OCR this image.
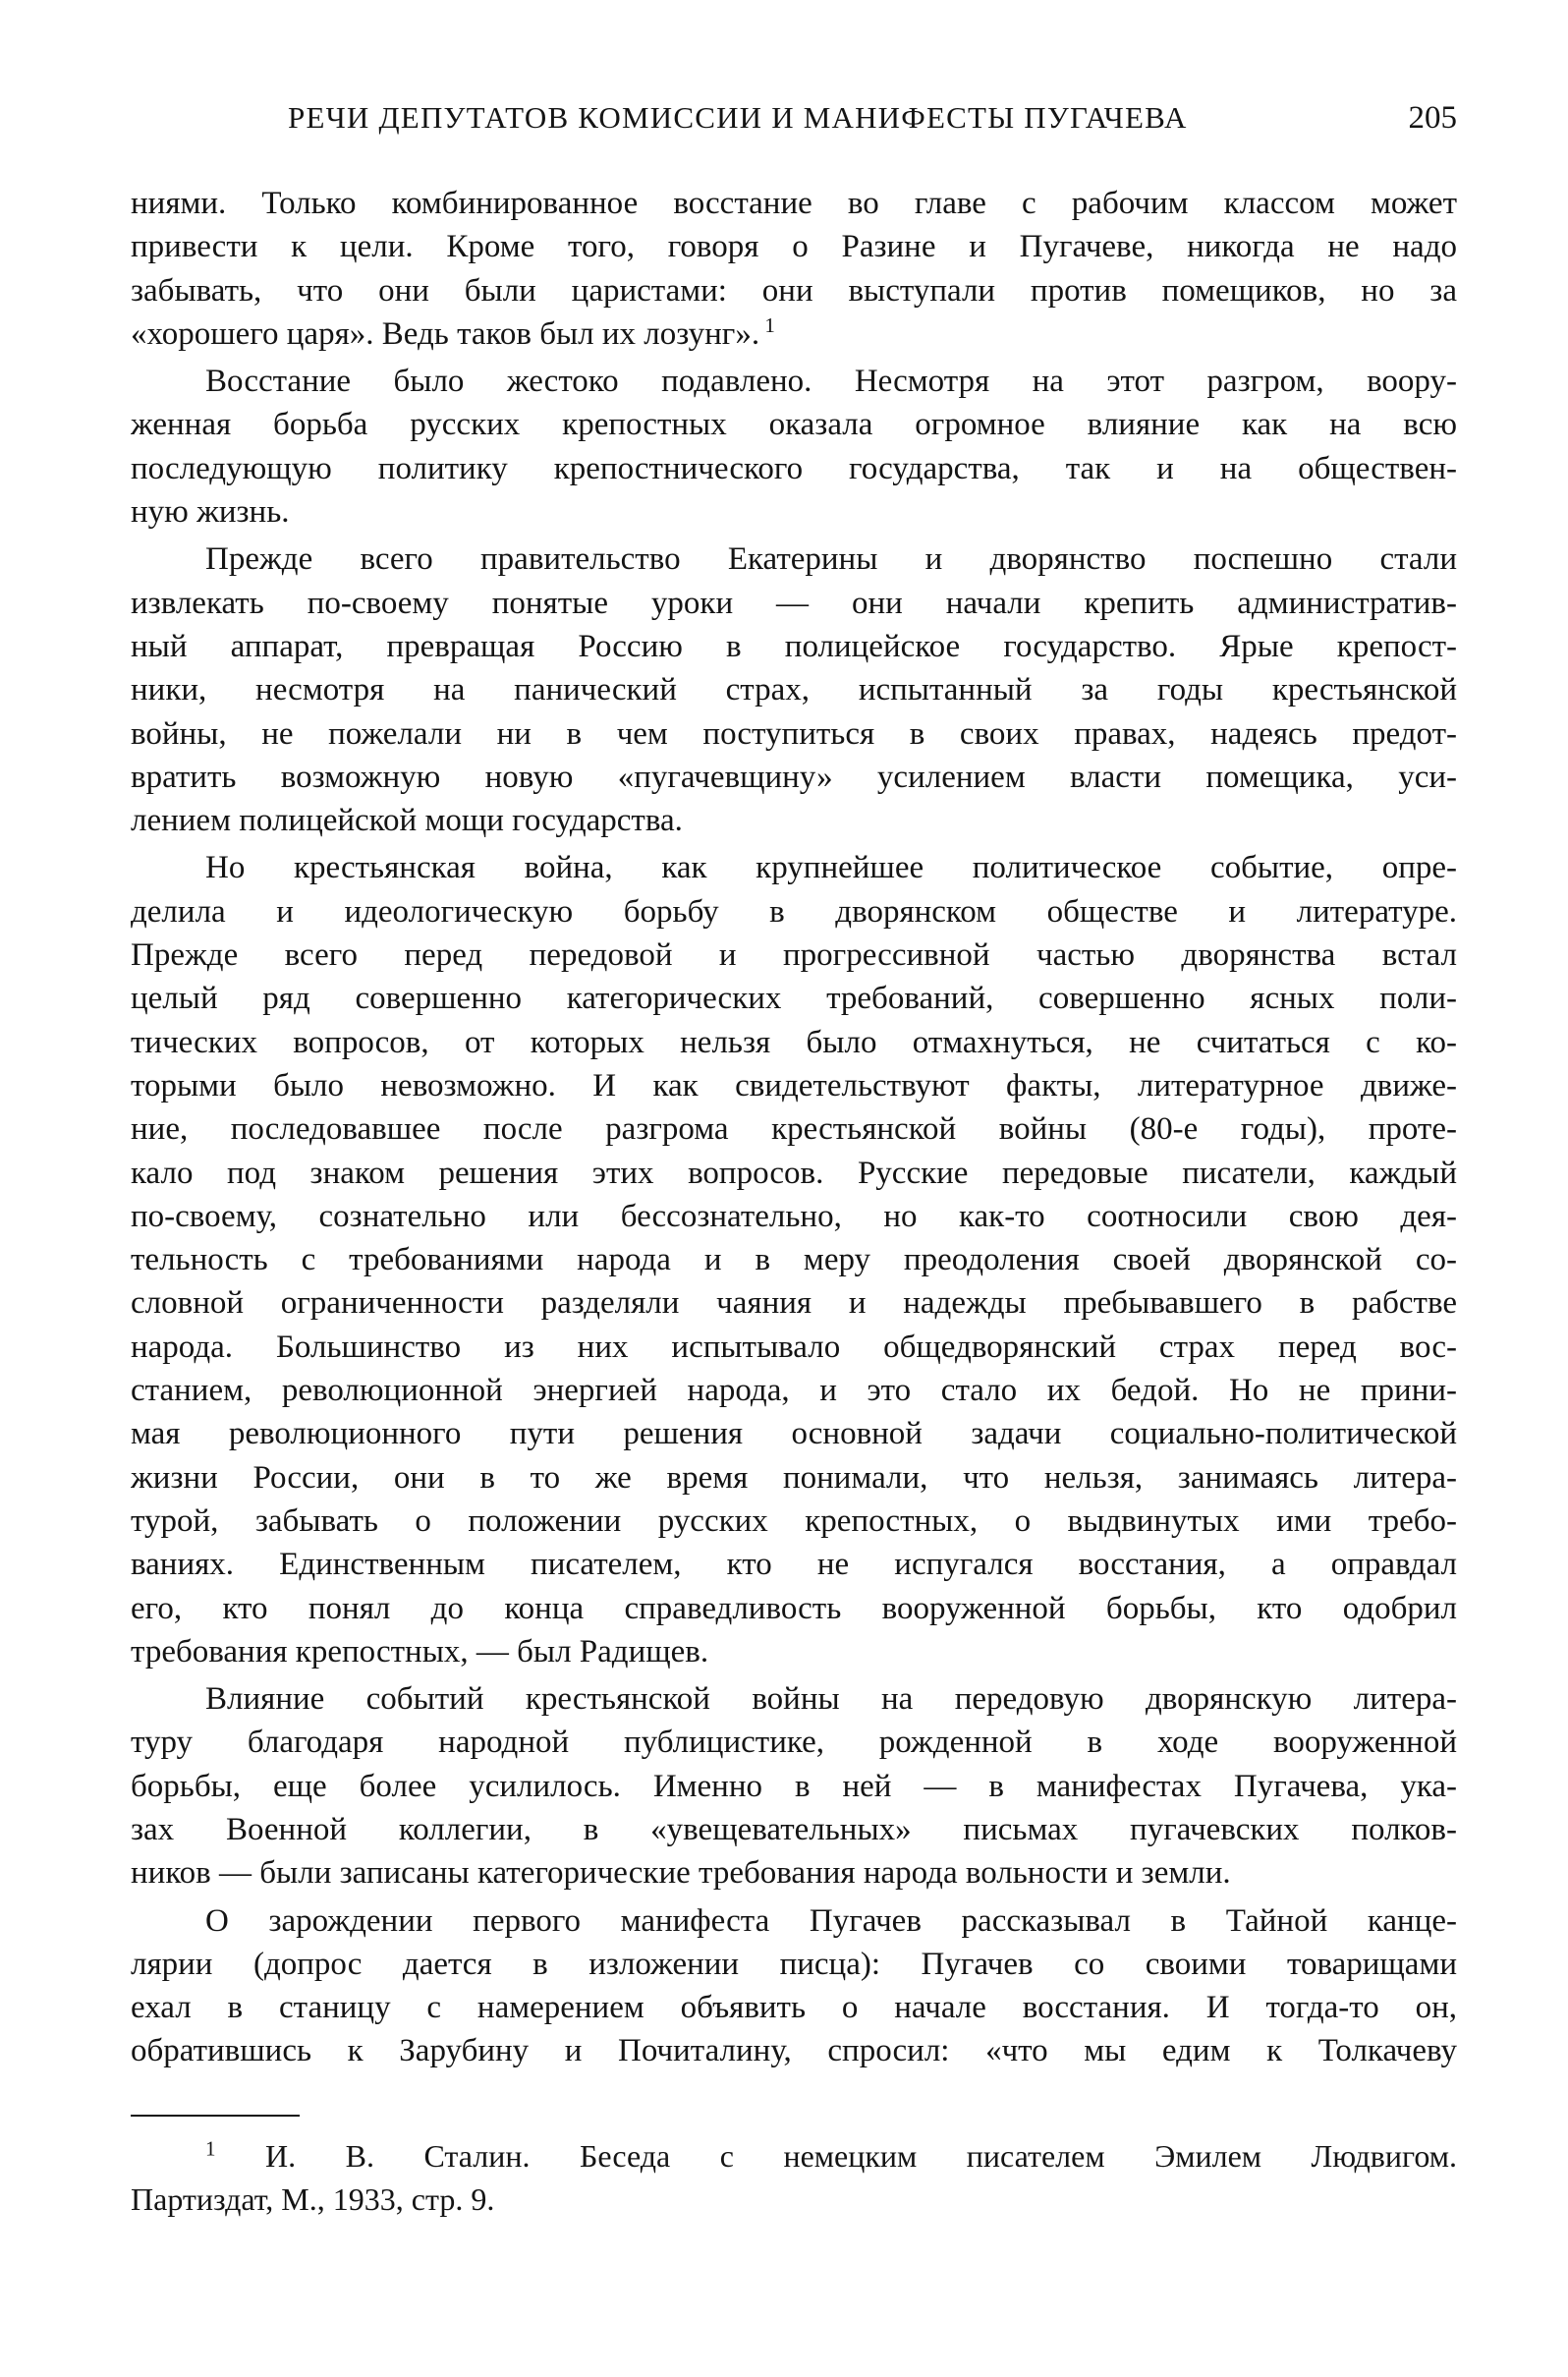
РЕЧИ ДЕПУТАТОВ КОМИССИИ И МАНИФЕСТЫ ПУГАЧЕВА	205
ниями. Только комбинированное восстание во главе с рабочим классом может
привести к цели. Кроме того, говоря о Разине и Пугачеве, никогда не надо
забывать, что они были царистами: они выступали против помещиков, но за
«хорошего царя». Ведь таков был их лозунг». $^1$
Восстание было жестоко подавлено. Несмотря на этот разгром, воору-
женная борьба русских крепостных оказала огромное влияние как на всю
последующую политику крепостнического государства, так и на обществен-
ную жизнь.
Прежде всего правительство Екатерины и дворянство поспешно стали
извлекать по-своему понятые уроки — они начали крепить административ-
ный аппарат, превращая Россию в полицейское государство. Ярые крепост-
ники, несмотря на панический страх, испытанный за годы крестьянской
войны, не пожелали ни в чем поступиться в своих правах, надеясь предот-
вратить возможную новую «пугачевщину» усилением власти помещика, уси-
лением полицейской мощи государства.
Но крестьянская война, как крупнейшее политическое событие, опре-
делила и идеологическую борьбу в дворянском обществе и литературе.
Прежде всего перед передовой и прогрессивной частью дворянства встал
целый ряд совершенно категорических требований, совершенно ясных поли-
тических вопросов, от которых нельзя было отмахнуться, не считаться с ко-
торыми было невозможно. И как свидетельствуют факты, литературное движе-
ние, последовавшее после разгрома крестьянской войны (80-е годы), проте-
кало под знаком решения этих вопросов. Русские передовые писатели, каждый
по-своему, сознательно или бессознательно, но как-то соотносили свою дея-
тельность с требованиями народа и в меру преодоления своей дворянской со-
словной ограниченности разделяли чаяния и надежды пребывавшего в рабстве
народа. Большинство из них испытывало общедворянский страх перед вос-
станием, революционной энергией народа, и это стало их бедой. Но не прини-
мая революционного пути решения основной задачи социально-политической
жизни России, они в то же время понимали, что нельзя, занимаясь литера-
турой, забывать о положении русских крепостных, о выдвинутых ими требо-
ваниях. Единственным писателем, кто не испугался восстания, а оправдал
его, кто понял до конца справедливость вооруженной борьбы, кто одобрил
требования крепостных, — был Радищев.
Влияние событий крестьянской войны на передовую дворянскую литера-
туру благодаря народной публицистике, рожденной в ходе вооруженной
борьбы, еще более усилилось. Именно в ней — в манифестах Пугачева, ука-
зах Военной коллегии, в «увещевательных» письмах пугачевских полков-
ников — были записаны категорические требования народа вольности и земли.
О зарождении первого манифеста Пугачев рассказывал в Тайной канце-
лярии (допрос дается в изложении писца): Пугачев со своими товарищами
ехал в станицу с намерением объявить о начале восстания. И тогда-то он,
обратившись к Зарубину и Почиталину, спросил: «что мы едим к Толкачеву
$^1$ И. В. Сталин. Беседа с немецким писателем Эмилем Людвигом.
Партиздат, М., 1933, стр. 9.
